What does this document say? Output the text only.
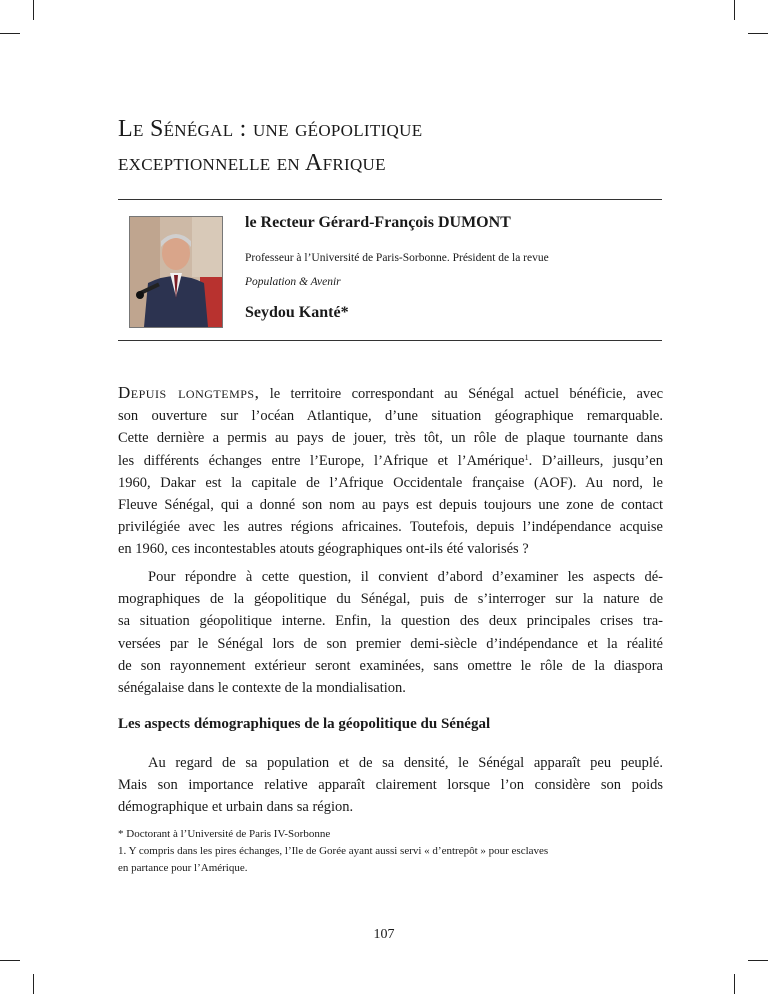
Le Sénégal : une géopolitique
exceptionnelle en Afrique
le Recteur Gérard-François DUMONT
Professeur à l’Université de Paris-Sorbonne. Président de la revue
Population & Avenir
Seydou Kanté*
Depuis longtemps, le territoire correspondant au Sénégal actuel bénéficie, avec
son ouverture sur l’océan Atlantique, d’une situation géographique remarquable.
Cette dernière a permis au pays de jouer, très tôt, un rôle de plaque tournante dans
les différents échanges entre l’Europe, l’Afrique et l’Amérique$^1$. D’ailleurs, jusqu’en
1960, Dakar est la capitale de l’Afrique Occidentale française (AOF). Au nord, le
Fleuve Sénégal, qui a donné son nom au pays est depuis toujours une zone de contact
privilégiée avec les autres régions africaines. Toutefois, depuis l’indépendance acquise
en 1960, ces incontestables atouts géographiques ont-ils été valorisés ?
Pour répondre à cette question, il convient d’abord d’examiner les aspects dé-
mographiques de la géopolitique du Sénégal, puis de s’interroger sur la nature de
sa situation géopolitique interne. Enfin, la question des deux principales crises tra-
versées par le Sénégal lors de son premier demi-siècle d’indépendance et la réalité
de son rayonnement extérieur seront examinées, sans omettre le rôle de la diaspora
sénégalaise dans le contexte de la mondialisation.
Les aspects démographiques de la géopolitique du Sénégal
Au regard de sa population et de sa densité, le Sénégal apparaît peu peuplé.
Mais son importance relative apparaît clairement lorsque l’on considère son poids
démographique et urbain dans sa région.
* Doctorant à l’Université de Paris IV-Sorbonne
1. Y compris dans les pires échanges, l’Ile de Gorée ayant aussi servi « d’entrepôt » pour esclaves
en partance pour l’Amérique.
107
